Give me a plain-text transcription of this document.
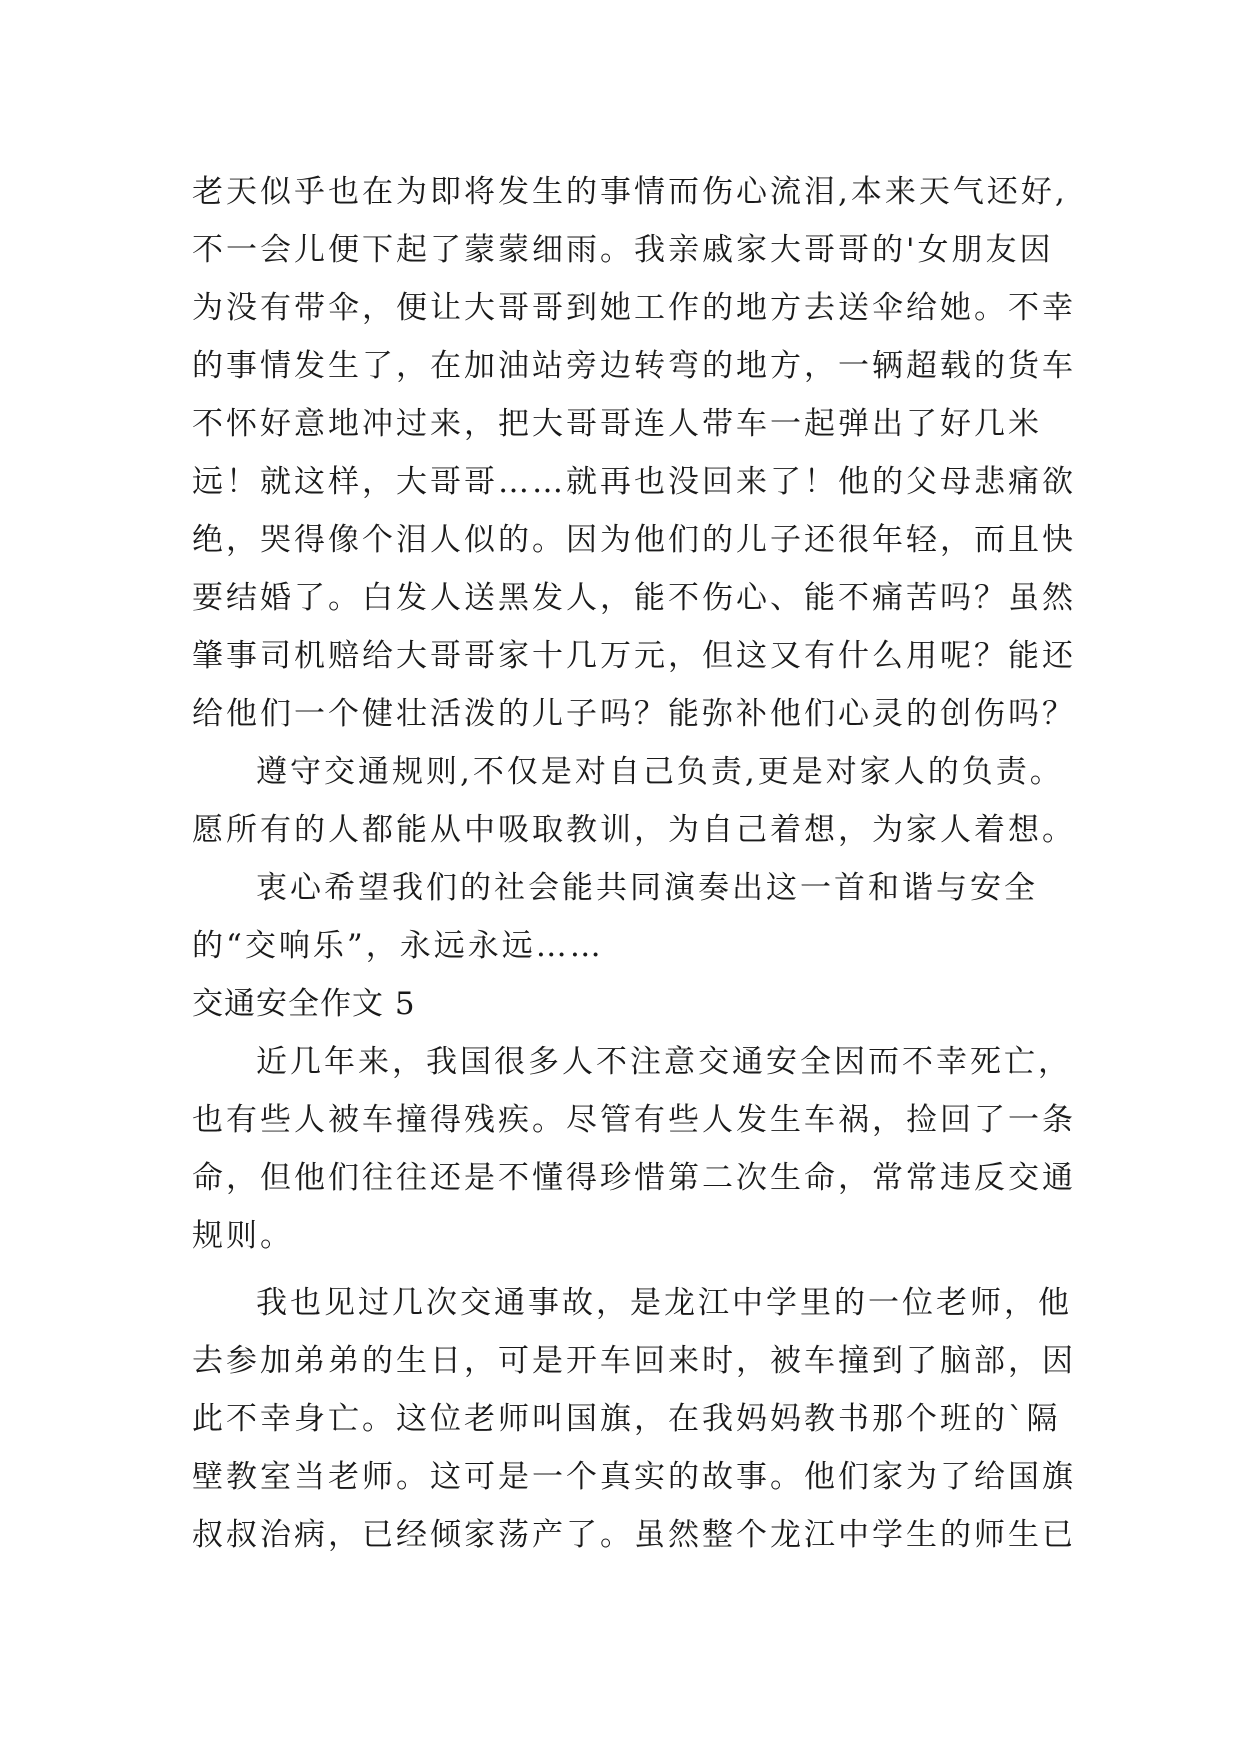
老天似乎也在为即将发生的事情而伤心流泪,本来天气还好,
不一会儿便下起了蒙蒙细雨。我亲戚家大哥哥的'女朋友因
为没有带伞，便让大哥哥到她工作的地方去送伞给她。不幸
的事情发生了，在加油站旁边转弯的地方，一辆超载的货车
不怀好意地冲过来，把大哥哥连人带车一起弹出了好几米
远！就这样，大哥哥……就再也没回来了！他的父母悲痛欲
绝，哭得像个泪人似的。因为他们的儿子还很年轻，而且快
要结婚了。白发人送黑发人，能不伤心、能不痛苦吗？虽然
肇事司机赔给大哥哥家十几万元，但这又有什么用呢？能还
给他们一个健壮活泼的儿子吗？能弥补他们心灵的创伤吗？
遵守交通规则,不仅是对自己负责,更是对家人的负责。
愿所有的人都能从中吸取教训，为自己着想，为家人着想。
衷心希望我们的社会能共同演奏出这一首和谐与安全
的“交响乐”，永远永远……
交通安全作文 5
近几年来，我国很多人不注意交通安全因而不幸死亡，
也有些人被车撞得残疾。尽管有些人发生车祸，捡回了一条
命，但他们往往还是不懂得珍惜第二次生命，常常违反交通
规则。
我也见过几次交通事故，是龙江中学里的一位老师，他
去参加弟弟的生日，可是开车回来时，被车撞到了脑部，因
此不幸身亡。这位老师叫国旗，在我妈妈教书那个班的`隔
壁教室当老师。这可是一个真实的故事。他们家为了给国旗
叔叔治病，已经倾家荡产了。虽然整个龙江中学生的师生已
